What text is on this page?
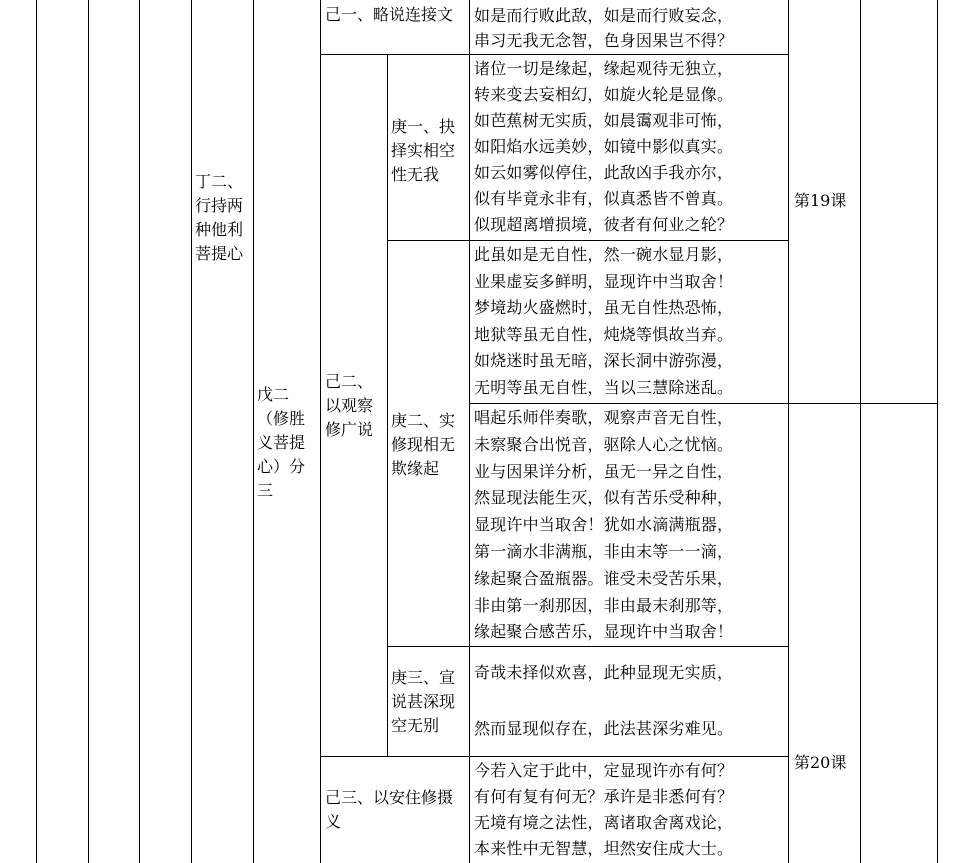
丁二、行持两种他利菩提心
戊二（修胜义菩提心）分三
己一、略说连接文
己二、以观察修广说
庚一、抉择实相空性无我
庚二、实修现相无欺缘起
庚三、宣说甚深现空无别
己三、以安住修摄义
如是而行败此敌，如是而行败妄念，
串习无我无念智，色身因果岂不得？
诸位一切是缘起，缘起观待无独立，
转来变去妄相幻，如旋火轮是显像。
如芭蕉树无实质，如晨霭观非可怖，
如阳焰水远美妙，如镜中影似真实。
如云如雾似停住，此敌凶手我亦尔，
似有毕竟永非有，似真悉皆不曾真。
似现超离增损境，彼者有何业之轮？
此虽如是无自性，然一碗水显月影，
业果虚妄多鲜明，显现许中当取舍！
梦境劫火盛燃时，虽无自性热恐怖，
地狱等虽无自性，炖烧等惧故当弃。
如烧迷时虽无暗，深长洞中游弥漫，
无明等虽无自性，当以三慧除迷乱。
唱起乐师伴奏歌，观察声音无自性，
未察聚合出悦音，驱除人心之忧恼。
业与因果详分析，虽无一异之自性，
然显现法能生灭，似有苦乐受种种，
显现许中当取舍！犹如水滴满瓶器，
第一滴水非满瓶，非由末等一一滴，
缘起聚合盈瓶器。谁受未受苦乐果，
非由第一刹那因，非由最末刹那等，
缘起聚合感苦乐，显现许中当取舍！
奇哉未择似欢喜，此种显现无实质，
然而显现似存在，此法甚深劣难见。
今若入定于此中，定显现许亦有何？
有何有复有何无？承许是非悉何有？
无境有境之法性，离诸取舍离戏论，
本来性中无智慧，坦然安住成大士。
第19课
第20课
